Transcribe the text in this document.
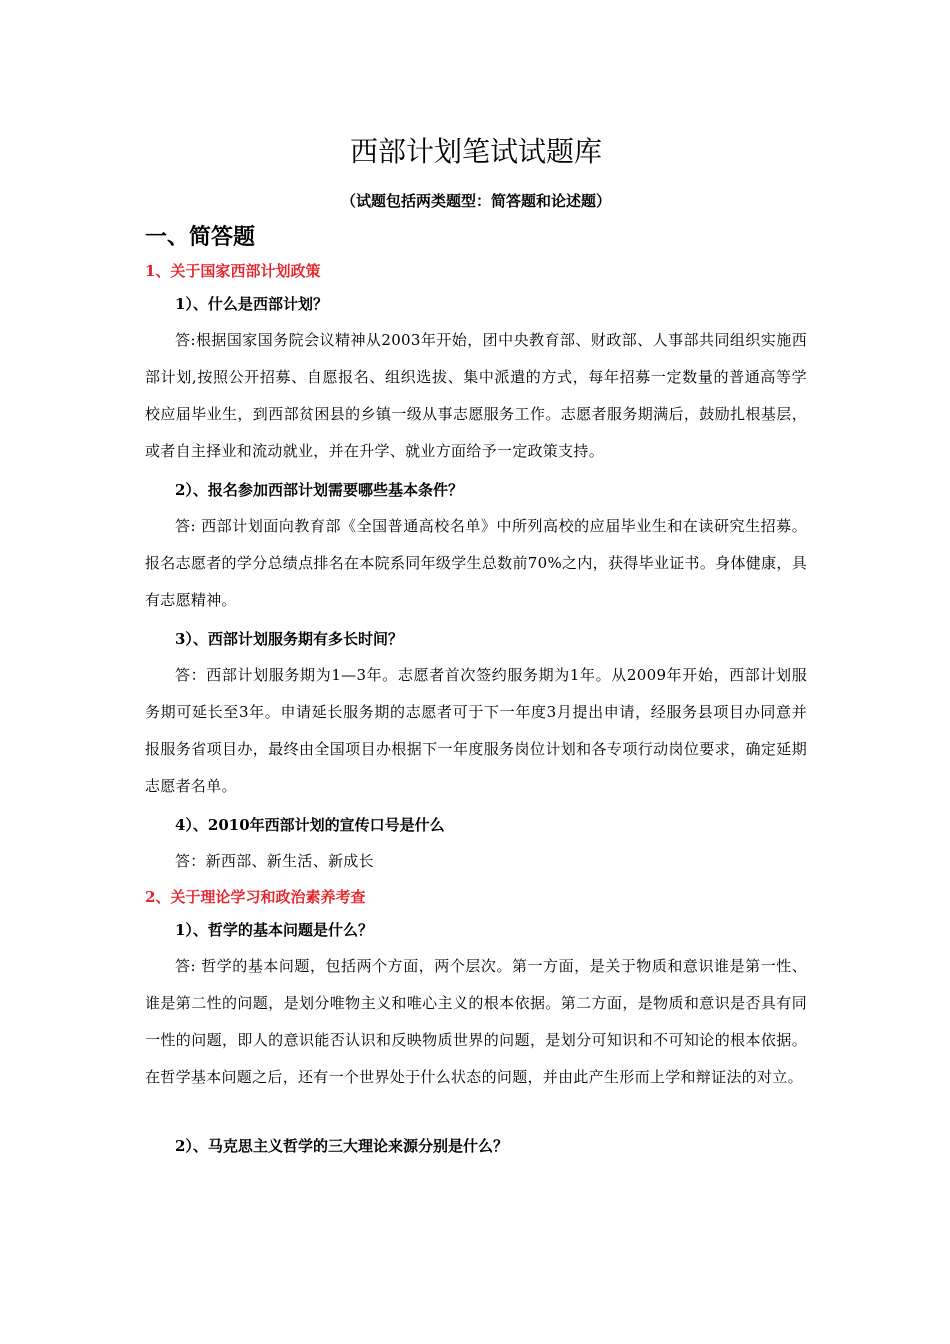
西部计划笔试试题库
（试题包括两类题型：简答题和论述题）
一、简答题
1、关于国家西部计划政策
1）、什么是西部计划？

答:根据国家国务院会议精神从2003年开始，团中央教育部、财政部、人事部共同组织实施西部计划,按照公开招募、自愿报名、组织选拔、集中派遣的方式，每年招募一定数量的普通高等学校应届毕业生，到西部贫困县的乡镇一级从事志愿服务工作。志愿者服务期满后，鼓励扎根基层，或者自主择业和流动就业，并在升学、就业方面给予一定政策支持。

2）、报名参加西部计划需要哪些基本条件？

答: 西部计划面向教育部《全国普通高校名单》中所列高校的应届毕业生和在读研究生招募。报名志愿者的学分总绩点排名在本院系同年级学生总数前70%之内，获得毕业证书。身体健康，具有志愿精神。

3）、西部计划服务期有多长时间？

答：西部计划服务期为1—3年。志愿者首次签约服务期为1年。从2009年开始，西部计划服务期可延长至3年。申请延长服务期的志愿者可于下一年度3月提出申请，经服务县项目办同意并报服务省项目办，最终由全国项目办根据下一年度服务岗位计划和各专项行动岗位要求，确定延期志愿者名单。

4）、2010年西部计划的宣传口号是什么

答：新西部、新生活、新成长

2、关于理论学习和政治素养考查
1）、哲学的基本问题是什么？

答: 哲学的基本问题，包括两个方面，两个层次。第一方面，是关于物质和意识谁是第一性、谁是第二性的问题，是划分唯物主义和唯心主义的根本依据。第二方面，是物质和意识是否具有同一性的问题，即人的意识能否认识和反映物质世界的问题，是划分可知识和不可知论的根本依据。在哲学基本问题之后，还有一个世界处于什么状态的问题，并由此产生形而上学和辩证法的对立。

2）、马克思主义哲学的三大理论来源分别是什么？
